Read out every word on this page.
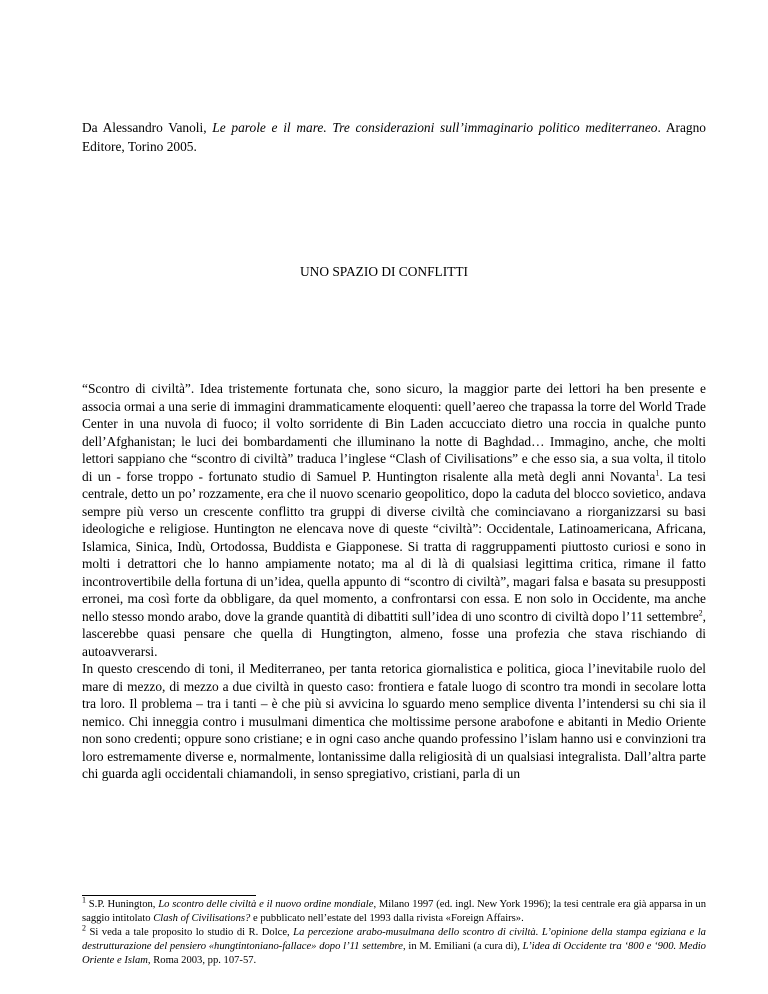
Da Alessandro Vanoli, Le parole e il mare. Tre considerazioni sull’immaginario politico mediterraneo. Aragno Editore, Torino 2005.
UNO SPAZIO DI CONFLITTI

“Scontro di civiltà”. Idea tristemente fortunata che, sono sicuro, la maggior parte dei lettori ha ben presente e associa ormai a una serie di immagini drammaticamente eloquenti: quell’aereo che trapassa la torre del World Trade Center in una nuvola di fuoco; il volto sorridente di Bin Laden accucciato dietro una roccia in qualche punto dell’Afghanistan; le luci dei bombardamenti che illuminano la notte di Baghdad… Immagino, anche, che molti lettori sappiano che “scontro di civiltà” traduca l’inglese “Clash of Civilisations” e che esso sia, a sua volta, il titolo di un - forse troppo - fortunato studio di Samuel P. Huntington risalente alla metà degli anni Novanta$^1$. La tesi centrale, detto un po’ rozzamente, era che il nuovo scenario geopolitico, dopo la caduta del blocco sovietico, andava sempre più verso un crescente conflitto tra gruppi di diverse civiltà che cominciavano a riorganizzarsi su basi ideologiche e religiose. Huntington ne elencava nove di queste “civiltà”: Occidentale, Latinoamericana, Africana, Islamica, Sinica, Indù, Ortodossa, Buddista e Giapponese. Si tratta di raggruppamenti piuttosto curiosi e sono in molti i detrattori che lo hanno ampiamente notato; ma al di là di qualsiasi legittima critica, rimane il fatto incontrovertibile della fortuna di un’idea, quella appunto di “scontro di civiltà”, magari falsa e basata su presupposti erronei, ma così forte da obbligare, da quel momento, a confrontarsi con essa. E non solo in Occidente, ma anche nello stesso mondo arabo, dove la grande quantità di dibattiti sull’idea di uno scontro di civiltà dopo l’11 settembre$^2$, lascerebbe quasi pensare che quella di Hungtington, almeno, fosse una profezia che stava rischiando di autoavverarsi.

In questo crescendo di toni, il Mediterraneo, per tanta retorica giornalistica e politica, gioca l’inevitabile ruolo del mare di mezzo, di mezzo a due civiltà in questo caso: frontiera e fatale luogo di scontro tra mondi in secolare lotta tra loro. Il problema – tra i tanti – è che più si avvicina lo sguardo meno semplice diventa l’intendersi su chi sia il nemico. Chi inneggia contro i musulmani dimentica che moltissime persone arabofone e abitanti in Medio Oriente non sono credenti; oppure sono cristiane; e in ogni caso anche quando professino l’islam hanno usi e convinzioni tra loro estremamente diverse e, normalmente, lontanissime dalla religiosità di un qualsiasi integralista. Dall’altra parte chi guarda agli occidentali chiamandoli, in senso spregiativo, cristiani, parla di un

$^1$ S.P. Hunington, Lo scontro delle civiltà e il nuovo ordine mondiale, Milano 1997 (ed. ingl. New York 1996); la tesi centrale era già apparsa in un saggio intitolato Clash of Civilisations? e pubblicato nell’estate del 1993 dalla rivista «Foreign Affairs».

$^2$ Si veda a tale proposito lo studio di R. Dolce, La percezione arabo-musulmana dello scontro di civiltà. L’opinione della stampa egiziana e la destrutturazione del pensiero «hungtintoniano-fallace» dopo l’11 settembre, in M. Emiliani (a cura di), L’idea di Occidente tra ‘800 e ‘900. Medio Oriente e Islam, Roma 2003, pp. 107-57.
